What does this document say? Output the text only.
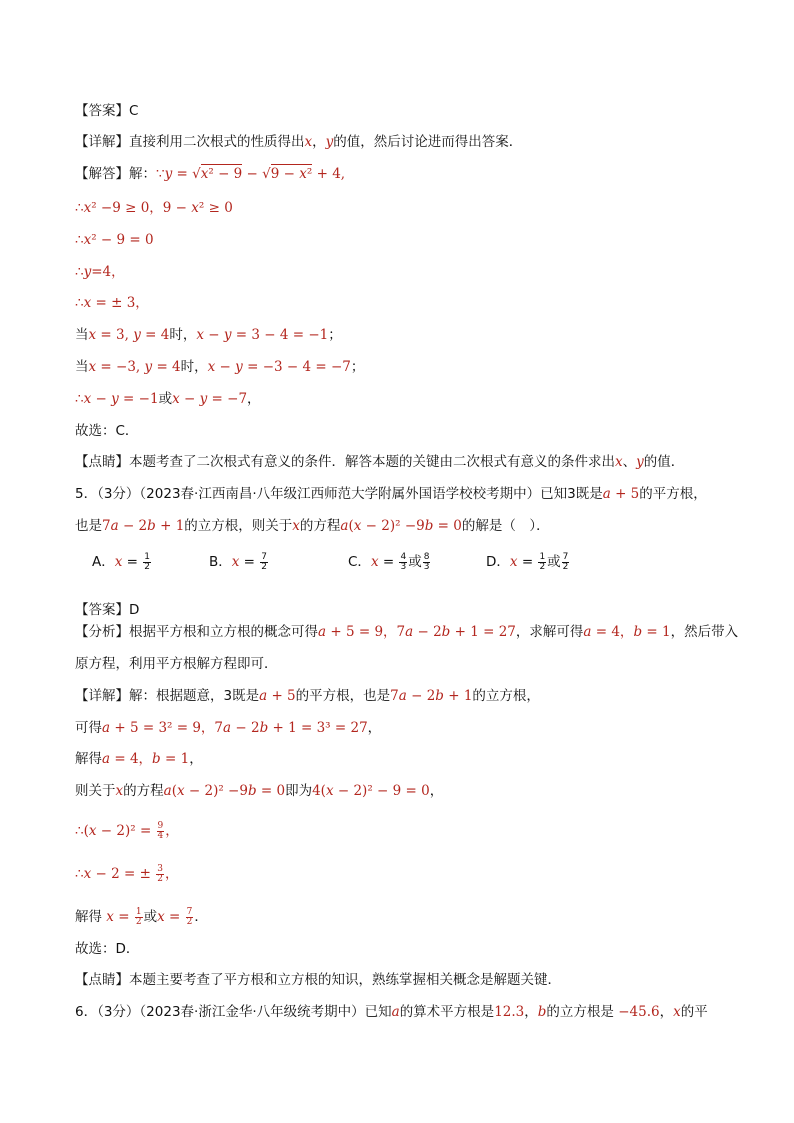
【答案】C
【详解】直接利用二次根式的性质得出x，y的值，然后讨论进而得出答案．
【解答】解：∵y = √x² − 9 − √9 − x² + 4,
∴x² −9 ≥ 0，9 − x² ≥ 0
∴x² − 9 = 0
∴y=4，
∴x = ± 3，
当x = 3, y = 4时，x − y = 3 − 4 = −1；
当x = −3, y = 4时，x − y = −3 − 4 = −7；
∴x − y = −1或x − y = −7，
故选：C．
【点睛】本题考查了二次根式有意义的条件．解答本题的关键由二次根式有意义的条件求出x、y的值．
5．（3分）（2023春·江西南昌·八年级江西师范大学附属外国语学校校考期中）已知3既是a + 5的平方根，
也是7a − 2b + 1的立方根，则关于x的方程a(x − 2)² −9b = 0的解是（　）．
A．$x = \frac{1}{2}$	B．$x = \frac{7}{2}$	C．$x = \frac{4}{3}$ 或 $\frac{8}{3}$	D．$x = \frac{1}{2}$ 或 $\frac{7}{2}$
【答案】D
【分析】根据平方根和立方根的概念可得a + 5 = 9，7a − 2b + 1 = 27，求解可得a = 4，b = 1，然后带入
原方程，利用平方根解方程即可．
【详解】解：根据题意，3既是a + 5的平方根，也是7a − 2b + 1的立方根，
可得a + 5 = 3² = 9，7a − 2b + 1 = 3³ = 27，
解得a = 4，b = 1，
则关于x的方程a(x − 2)² −9b = 0即为4(x − 2)² − 9 = 0，
∴(x − $2)^2 = \frac{9}{4}$ ，
∴x − 2 = ± $\frac{3}{2}$ ，
解得 $x = \frac{1}{2}$ 或$x = \frac{7}{2}$ ．
故选：D．
【点睛】本题主要考查了平方根和立方根的知识，熟练掌握相关概念是解题关键．
6．（3分）（2023春·浙江金华·八年级统考期中）已知a的算术平方根是12.3，b的立方根是 −45.6，x的平
